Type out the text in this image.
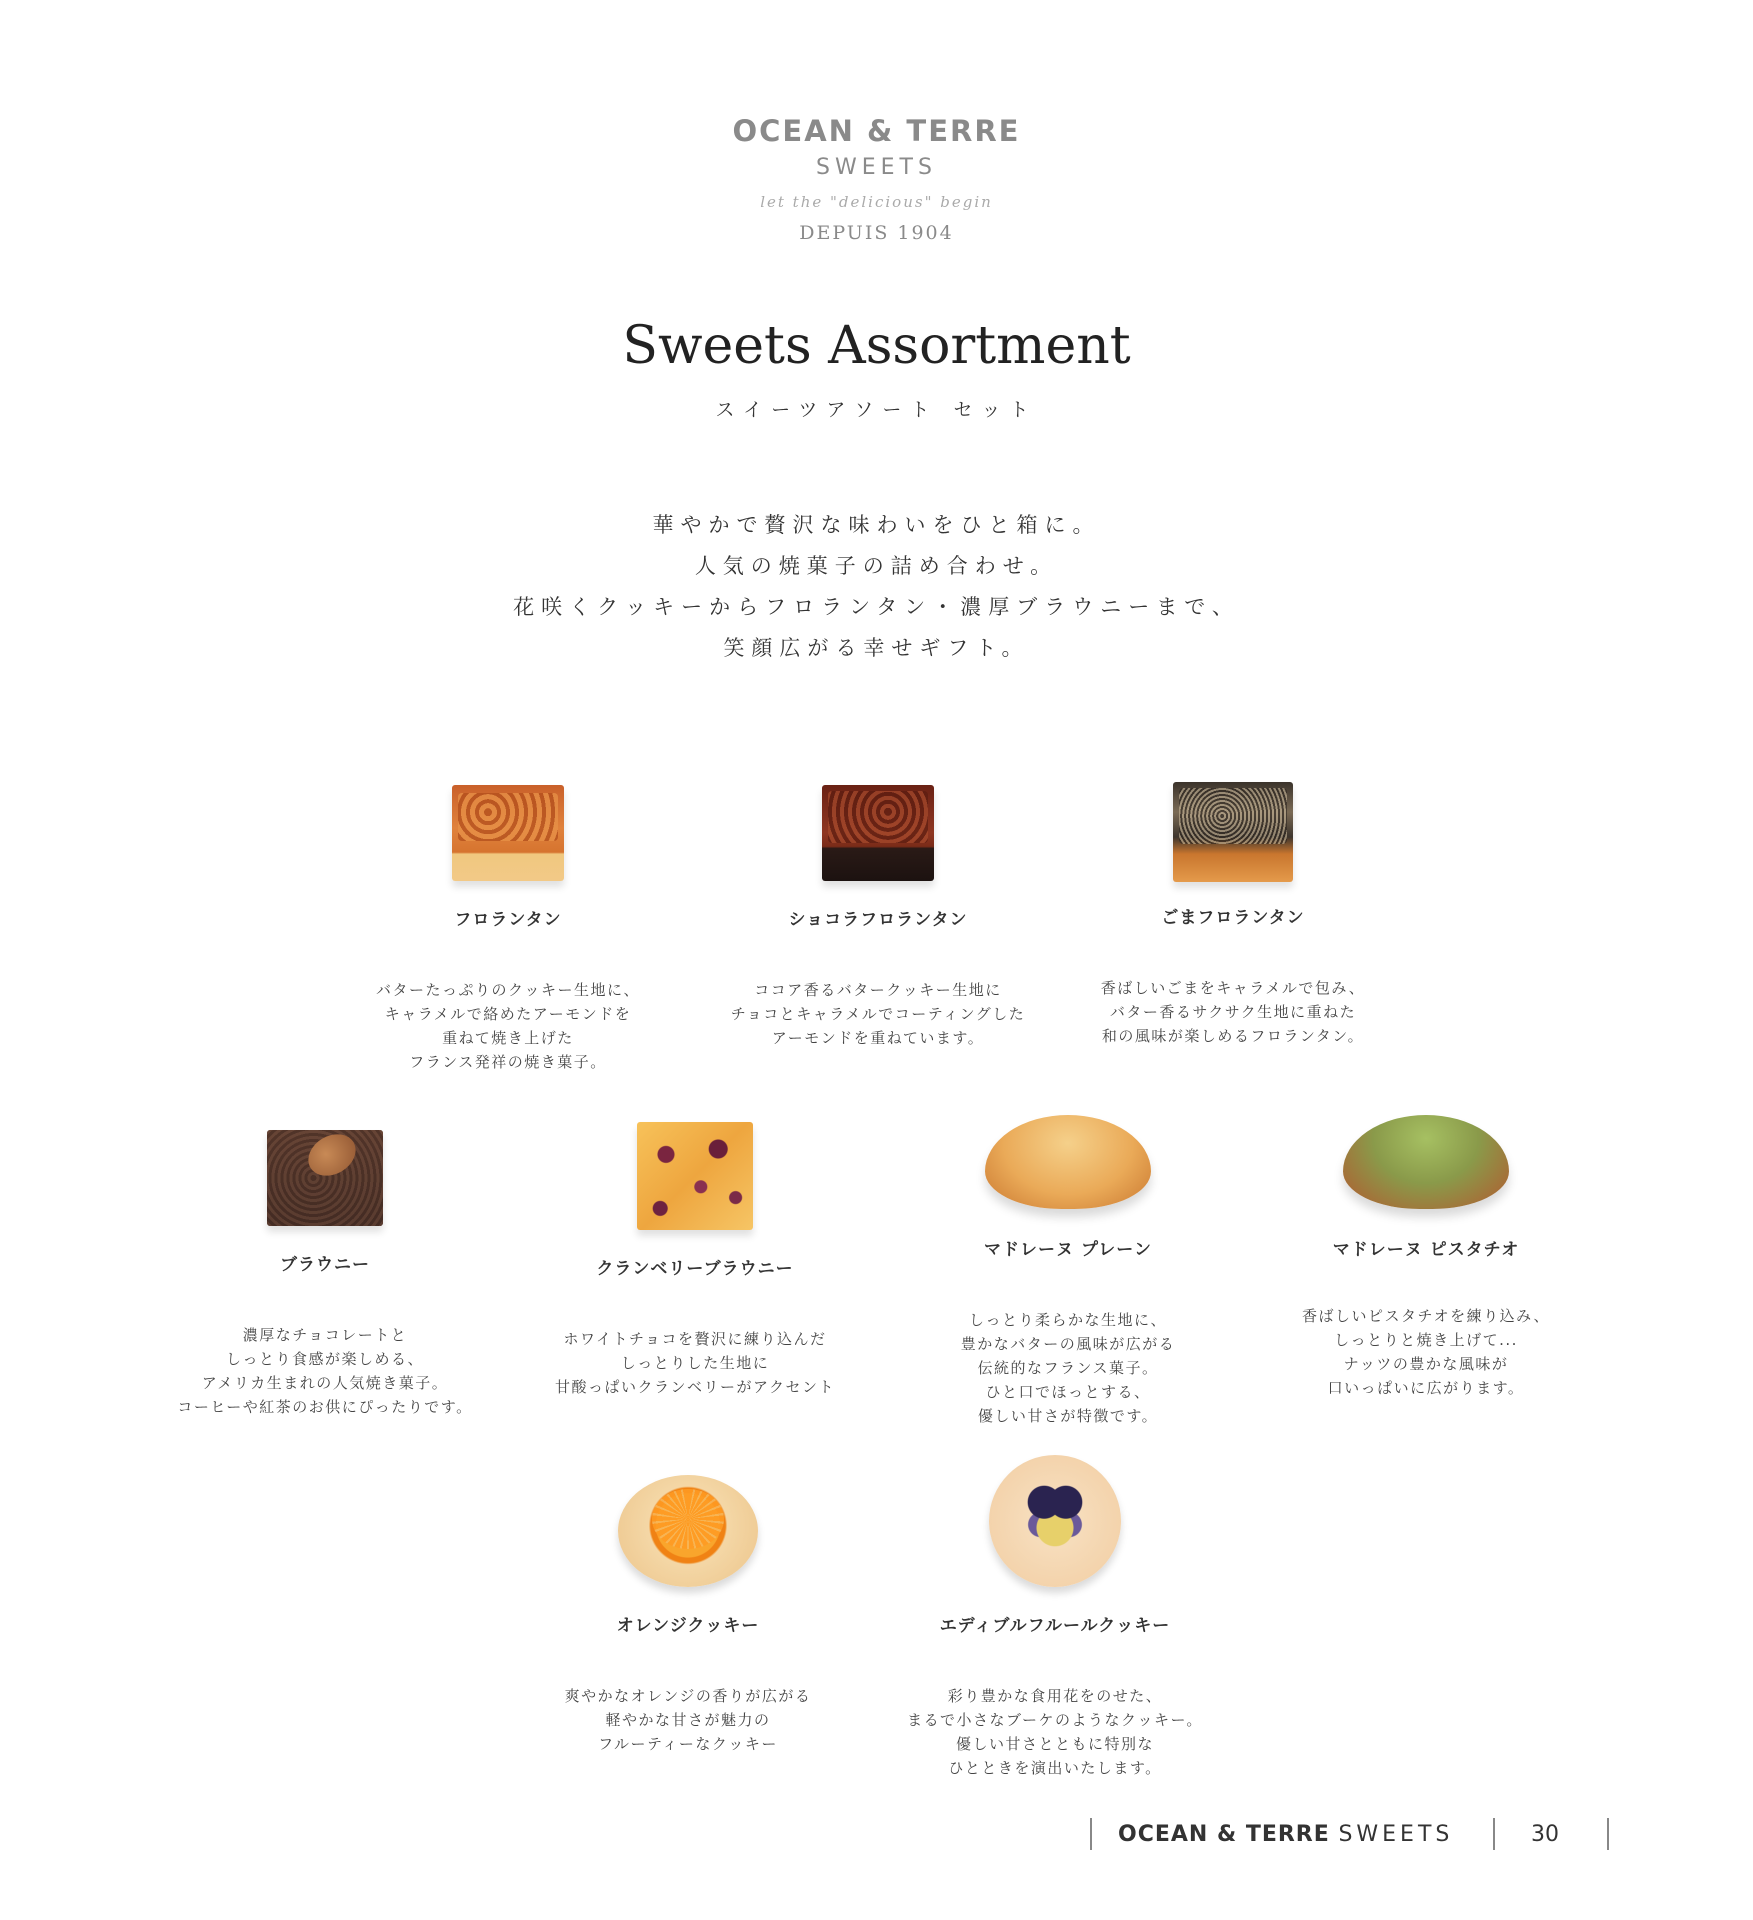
OCEAN & TERRE
SWEETS
let the "delicious" begin
DEPUIS 1904
Sweets Assortment
スイーツアソート セット
華やかで贅沢な味わいをひと箱に。
人気の焼菓子の詰め合わせ。
花咲くクッキーからフロランタン・濃厚ブラウニーまで、
笑顔広がる幸せギフト。
フロランタン
バターたっぷりのクッキー生地に、
キャラメルで絡めたアーモンドを
重ねて焼き上げた
フランス発祥の焼き菓子。
ショコラフロランタン
ココア香るバタークッキー生地に
チョコとキャラメルでコーティングした
アーモンドを重ねています。
ごまフロランタン
香ばしいごまをキャラメルで包み、
バター香るサクサク生地に重ねた
和の風味が楽しめるフロランタン。
ブラウニー
濃厚なチョコレートと
しっとり食感が楽しめる、
アメリカ生まれの人気焼き菓子。
コーヒーや紅茶のお供にぴったりです。
クランベリーブラウニー
ホワイトチョコを贅沢に練り込んだ
しっとりした生地に
甘酸っぱいクランベリーがアクセント
マドレーヌ プレーン
しっとり柔らかな生地に、
豊かなバターの風味が広がる
伝統的なフランス菓子。
ひと口でほっとする、
優しい甘さが特徴です。
マドレーヌ ピスタチオ
香ばしいピスタチオを練り込み、
しっとりと焼き上げて...
ナッツの豊かな風味が
口いっぱいに広がります。
オレンジクッキー
爽やかなオレンジの香りが広がる
軽やかな甘さが魅力の
フルーティーなクッキー
エディブルフルールクッキー
彩り豊かな食用花をのせた、
まるで小さなブーケのようなクッキー。
優しい甘さとともに特別な
ひとときを演出いたします。
OCEAN & TERRE SWEETS	30
